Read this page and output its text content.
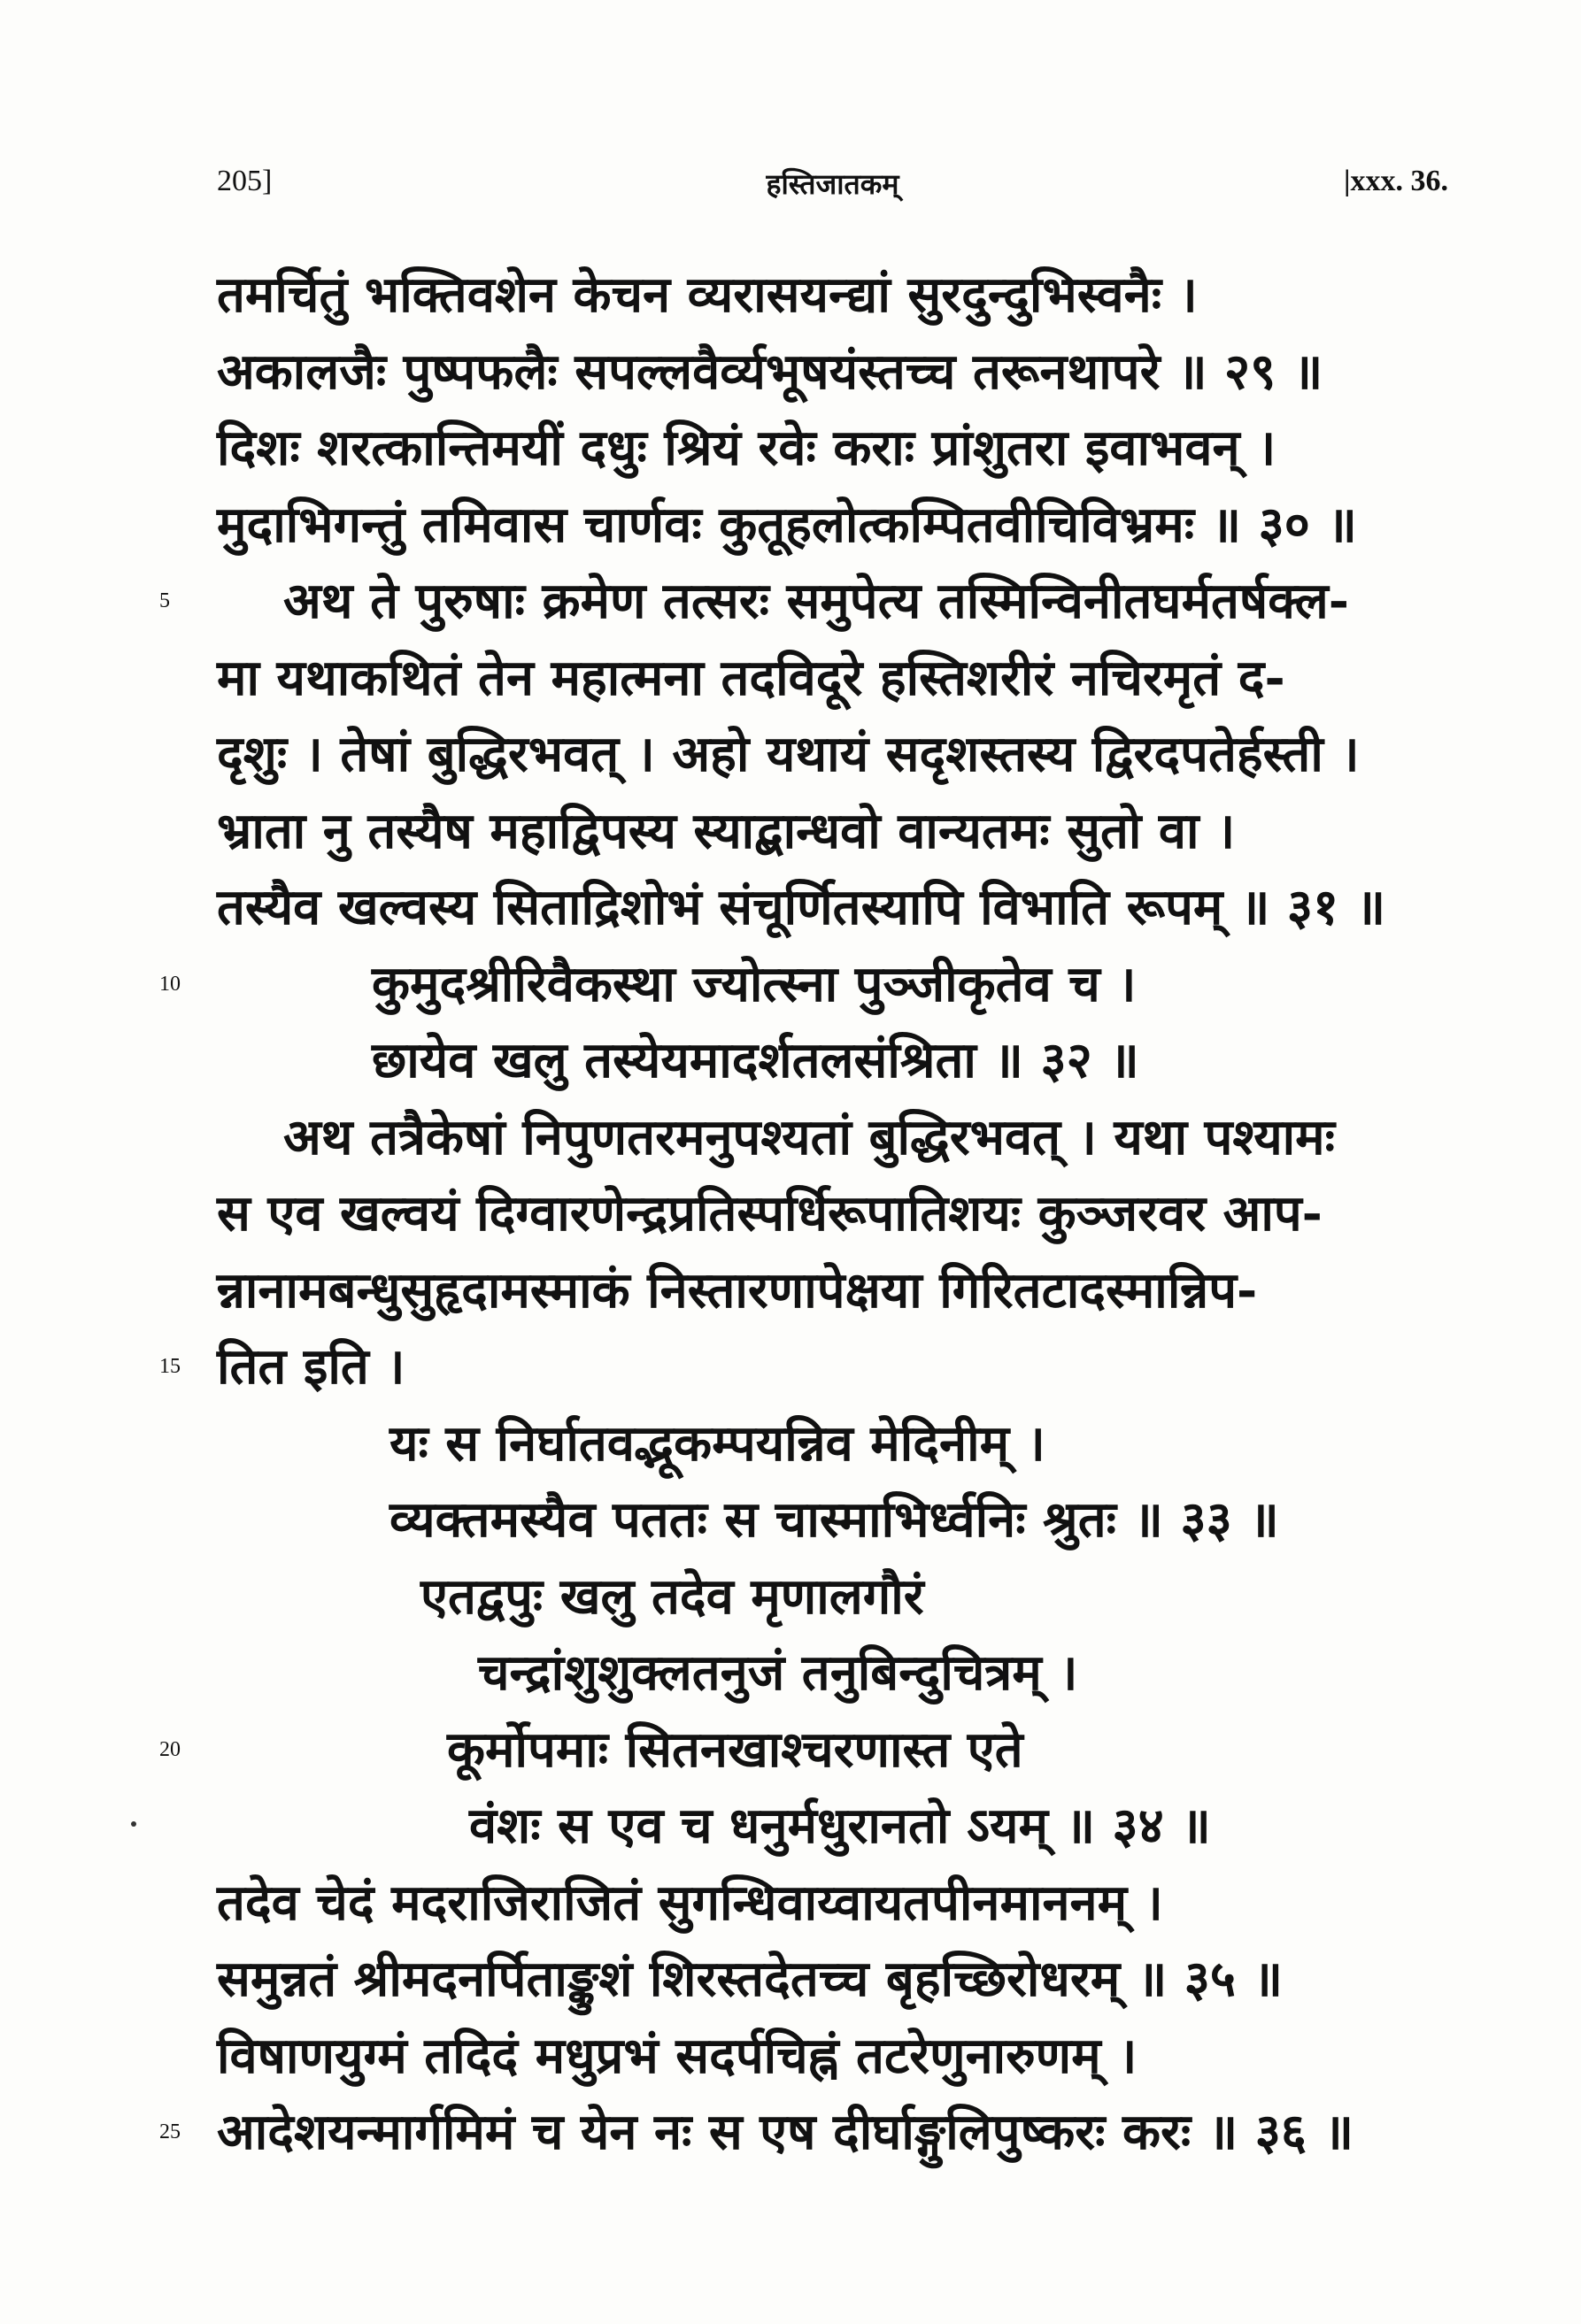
205]	हस्तिजातकम्	|xxx. 36.
तमर्चितुं भक्तिवशेन केचन व्यरासयन्द्यां सुरदुन्दुभिस्वनैः ।
अकालजैः पुष्पफलैः सपल्लवैर्व्यभूषयंस्तच्च तरूनथापरे ॥ २९ ॥
दिशः शरत्कान्तिमयीं दधुः श्रियं रवेः कराः प्रांशुतरा इवाभवन् ।
मुदाभिगन्तुं तमिवास चार्णवः कुतूहलोत्कम्पितवीचिविभ्रमः ॥ ३० ॥
5 अथ ते पुरुषाः क्रमेण तत्सरः समुपेत्य तस्मिन्विनीतघर्मतर्षक्ल-
मा यथाकथितं तेन महात्मना तदविदूरे हस्तिशरीरं नचिरमृतं द-
दृशुः । तेषां बुद्धिरभवत् । अहो यथायं सदृशस्तस्य द्विरदपतेर्हस्ती ।
भ्राता नु तस्यैष महाद्विपस्य स्याद्बान्धवो वान्यतमः सुतो वा ।
तस्यैव खल्वस्य सिताद्रिशोभं संचूर्णितस्यापि विभाति रूपम् ॥ ३१ ॥
10	कुमुदश्रीरिवैकस्था ज्योत्स्ना पुञ्जीकृतेव च ।
छायेव खलु तस्येयमादर्शतलसंश्रिता ॥ ३२ ॥
अथ तत्रैकेषां निपुणतरमनुपश्यतां बुद्धिरभवत् । यथा पश्यामः
स एव खल्वयं दिग्वारणेन्द्रप्रतिस्पर्धिरूपातिशयः कुञ्जरवर आप-
न्नानामबन्धुसुहृदामस्माकं निस्तारणापेक्षया गिरितटादस्मान्निप-
15 तित इति ।
यः स निर्घातवद्भूकम्पयन्निव मेदिनीम् ।
व्यक्तमस्यैव पततः स चास्माभिर्ध्वनिः श्रुतः ॥ ३३ ॥
एतद्वपुः खलु तदेव मृणालगौरं
चन्द्रांशुशुक्लतनुजं तनुबिन्दुचित्रम् ।
20	कूर्मोपमाः सितनखाश्चरणास्त एते
वंशः स एव च धनुर्मधुरानतो ऽयम् ॥ ३४ ॥
तदेव चेदं मदराजिराजितं सुगन्धिवाय्वायतपीनमाननम् ।
समुन्नतं श्रीमदनर्पिताङ्कुशं शिरस्तदेतच्च बृहच्छिरोधरम् ॥ ३५ ॥
विषाणयुग्मं तदिदं मधुप्रभं सदर्पचिह्नं तटरेणुनारुणम् ।
25 आदेशयन्मार्गमिमं च येन नः स एष दीर्घाङ्गुलिपुष्करः करः ॥ ३६ ॥
